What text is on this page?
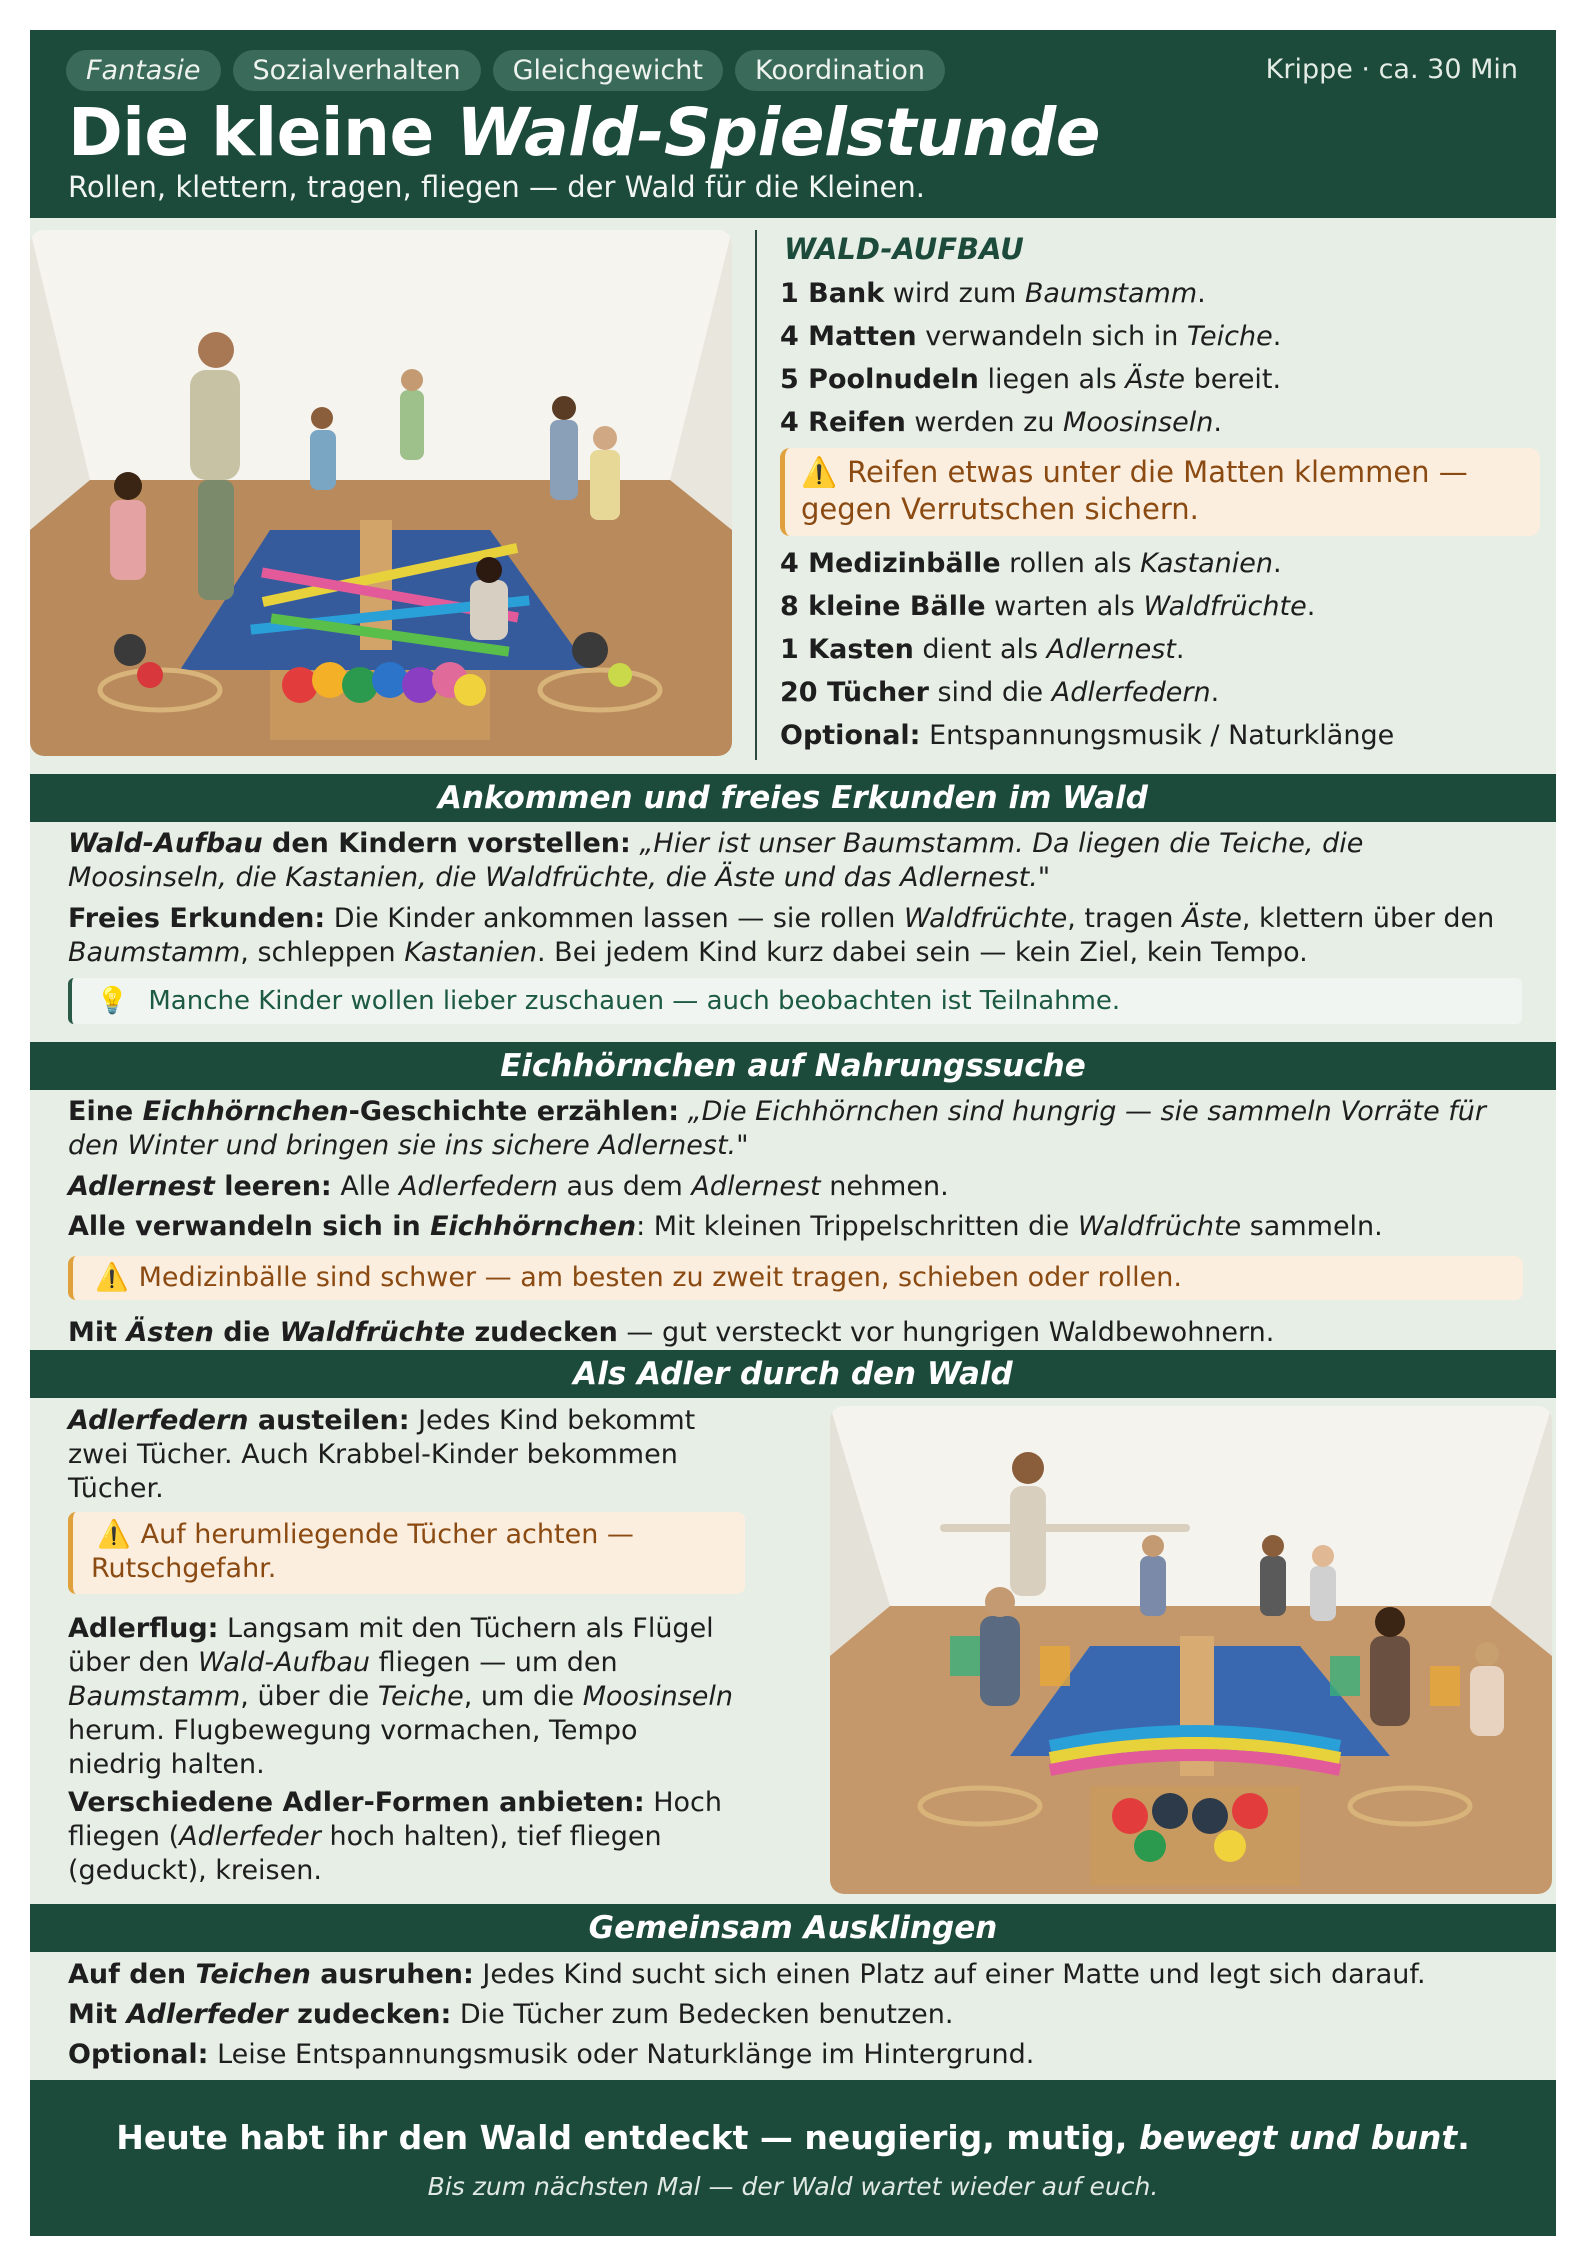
Fantasie	Sozialverhalten	Gleichgewicht	Koordination	Krippe · ca. 30 Min
Die kleine Wald-Spielstunde
Rollen, klettern, tragen, fliegen — der Wald für die Kleinen.
WALD-AUFBAU
1 Bank wird zum Baumstamm.
4 Matten verwandeln sich in Teiche.
5 Poolnudeln liegen als Äste bereit.
4 Reifen werden zu Moosinseln.
⚠️ Reifen etwas unter die Matten klemmen — gegen Verrutschen sichern.
4 Medizinbälle rollen als Kastanien.
8 kleine Bälle warten als Waldfrüchte.
1 Kasten dient als Adlernest.
20 Tücher sind die Adlerfedern.
Optional: Entspannungsmusik / Naturklänge
Ankommen und freies Erkunden im Wald
Wald-Aufbau den Kindern vorstellen: „Hier ist unser Baumstamm. Da liegen die Teiche, die Moosinseln, die Kastanien, die Waldfrüchte, die Äste und das Adlernest."
Freies Erkunden: Die Kinder ankommen lassen — sie rollen Waldfrüchte, tragen Äste, klettern über den Baumstamm, schleppen Kastanien. Bei jedem Kind kurz dabei sein — kein Ziel, kein Tempo.
💡 Manche Kinder wollen lieber zuschauen — auch beobachten ist Teilnahme.
Eichhörnchen auf Nahrungssuche
Eine Eichhörnchen-Geschichte erzählen: „Die Eichhörnchen sind hungrig — sie sammeln Vorräte für den Winter und bringen sie ins sichere Adlernest."
Adlernest leeren: Alle Adlerfedern aus dem Adlernest nehmen.
Alle verwandeln sich in Eichhörnchen: Mit kleinen Trippelschritten die Waldfrüchte sammeln.
⚠️ Medizinbälle sind schwer — am besten zu zweit tragen, schieben oder rollen.
Mit Ästen die Waldfrüchte zudecken — gut versteckt vor hungrigen Waldbewohnern.
Als Adler durch den Wald
Adlerfedern austeilen: Jedes Kind bekommt zwei Tücher. Auch Krabbel-Kinder bekommen Tücher.
⚠️ Auf herumliegende Tücher achten — Rutschgefahr.
Adlerflug: Langsam mit den Tüchern als Flügel über den Wald-Aufbau fliegen — um den Baumstamm, über die Teiche, um die Moosinseln herum. Flugbewegung vormachen, Tempo niedrig halten.
Verschiedene Adler-Formen anbieten: Hoch fliegen (Adlerfeder hoch halten), tief fliegen (geduckt), kreisen.
Gemeinsam Ausklingen
Auf den Teichen ausruhen: Jedes Kind sucht sich einen Platz auf einer Matte und legt sich darauf.
Mit Adlerfeder zudecken: Die Tücher zum Bedecken benutzen.
Optional: Leise Entspannungsmusik oder Naturklänge im Hintergrund.
Heute habt ihr den Wald entdeckt — neugierig, mutig, bewegt und bunt.
Bis zum nächsten Mal — der Wald wartet wieder auf euch.
